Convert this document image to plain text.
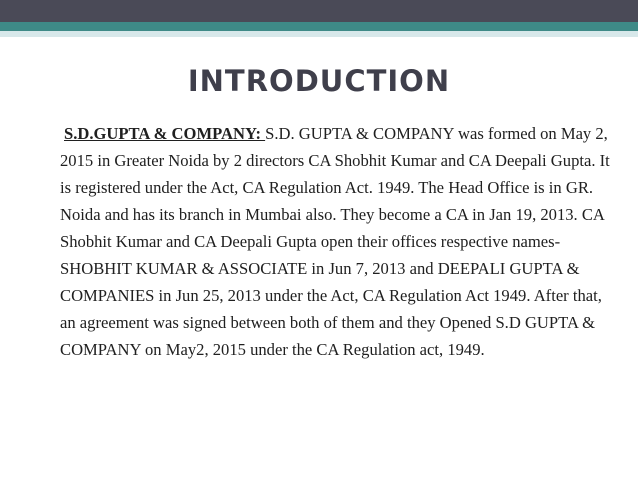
INTRODUCTION
S.D.GUPTA & COMPANY: S.D. GUPTA & COMPANY was formed on May 2, 2015 in Greater Noida by 2 directors CA Shobhit Kumar and CA Deepali Gupta. It is registered under the Act, CA Regulation Act. 1949. The Head Office is in GR. Noida and has its branch in Mumbai also. They become a CA in Jan 19, 2013. CA Shobhit Kumar and CA Deepali Gupta open their offices respective names- SHOBHIT KUMAR & ASSOCIATE in Jun 7, 2013 and DEEPALI GUPTA & COMPANIES in Jun 25, 2013 under the Act, CA Regulation Act 1949. After that, an agreement was signed between both of them and they Opened S.D GUPTA & COMPANY on May2, 2015 under the CA Regulation act, 1949.
